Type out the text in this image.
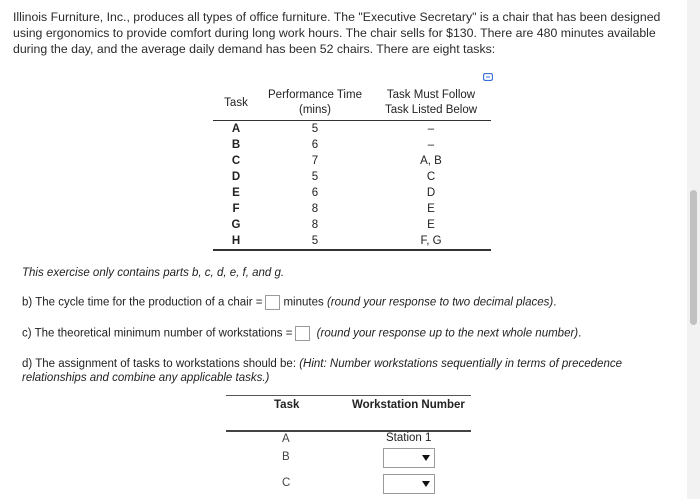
Illinois Furniture, Inc., produces all types of office furniture. The "Executive Secretary" is a chair that has been designed using ergonomics to provide comfort during long work hours. The chair sells for $130. There are 480 minutes available during the day, and the average daily demand has been 52 chairs. There are eight tasks:
Task	Performance Time
(mins)	Task Must Follow
Task Listed Below
A	5	–
B	6	–
C	7	A, B
D	5	C
E	6	D
F	8	E
G	8	E
H	5	F, G
This exercise only contains parts b, c, d, e, f, and g.
b) The cycle time for the production of a chair = minutes (round your response to two decimal places).
c) The theoretical minimum number of workstations = (round your response up to the next whole number).
d) The assignment of tasks to workstations should be: (Hint: Number workstations sequentially in terms of precedence relationships and combine any applicable tasks.)
Task	Workstation Number
A	Station 1
B
C
